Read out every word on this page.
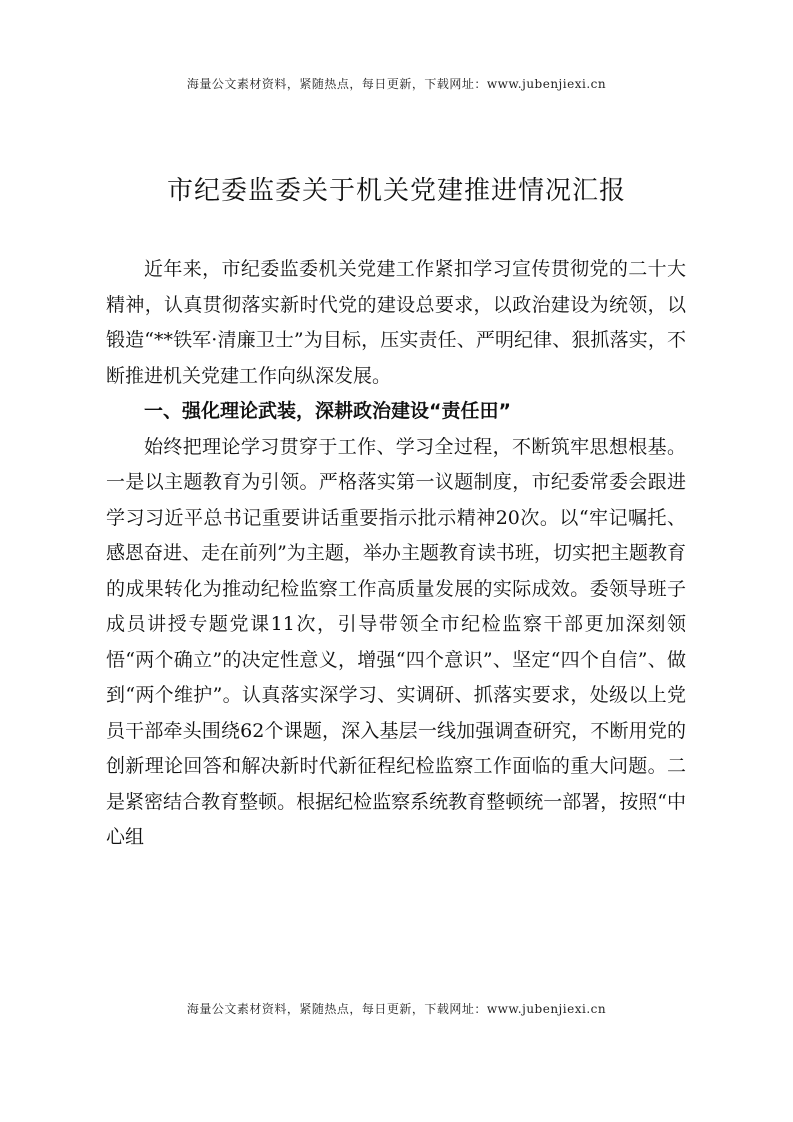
海量公文素材资料，紧随热点，每日更新，下载网址：www.jubenjiexi.cn
市纪委监委关于机关党建推进情况汇报

近年来，市纪委监委机关党建工作紧扣学习宣传贯彻党的二十大精神，认真贯彻落实新时代党的建设总要求，以政治建设为统领，以锻造“**铁军·清廉卫士”为目标，压实责任、严明纪律、狠抓落实，不断推进机关党建工作向纵深发展。

一、强化理论武装，深耕政治建设“责任田”

始终把理论学习贯穿于工作、学习全过程，不断筑牢思想根基。一是以主题教育为引领。严格落实第一议题制度，市纪委常委会跟进学习习近平总书记重要讲话重要指示批示精神20次。以“牢记嘱托、感恩奋进、走在前列”为主题，举办主题教育读书班，切实把主题教育的成果转化为推动纪检监察工作高质量发展的实际成效。委领导班子成员讲授专题党课11次，引导带领全市纪检监察干部更加深刻领悟“两个确立”的决定性意义，增强“四个意识”、坚定“四个自信”、做到“两个维护”。认真落实深学习、实调研、抓落实要求，处级以上党员干部牵头围绕62个课题，深入基层一线加强调查研究，不断用党的创新理论回答和解决新时代新征程纪检监察工作面临的重大问题。二是紧密结合教育整顿。根据纪检监察系统教育整顿统一部署，按照“中心组

海量公文素材资料，紧随热点，每日更新，下载网址：www.jubenjiexi.cn
